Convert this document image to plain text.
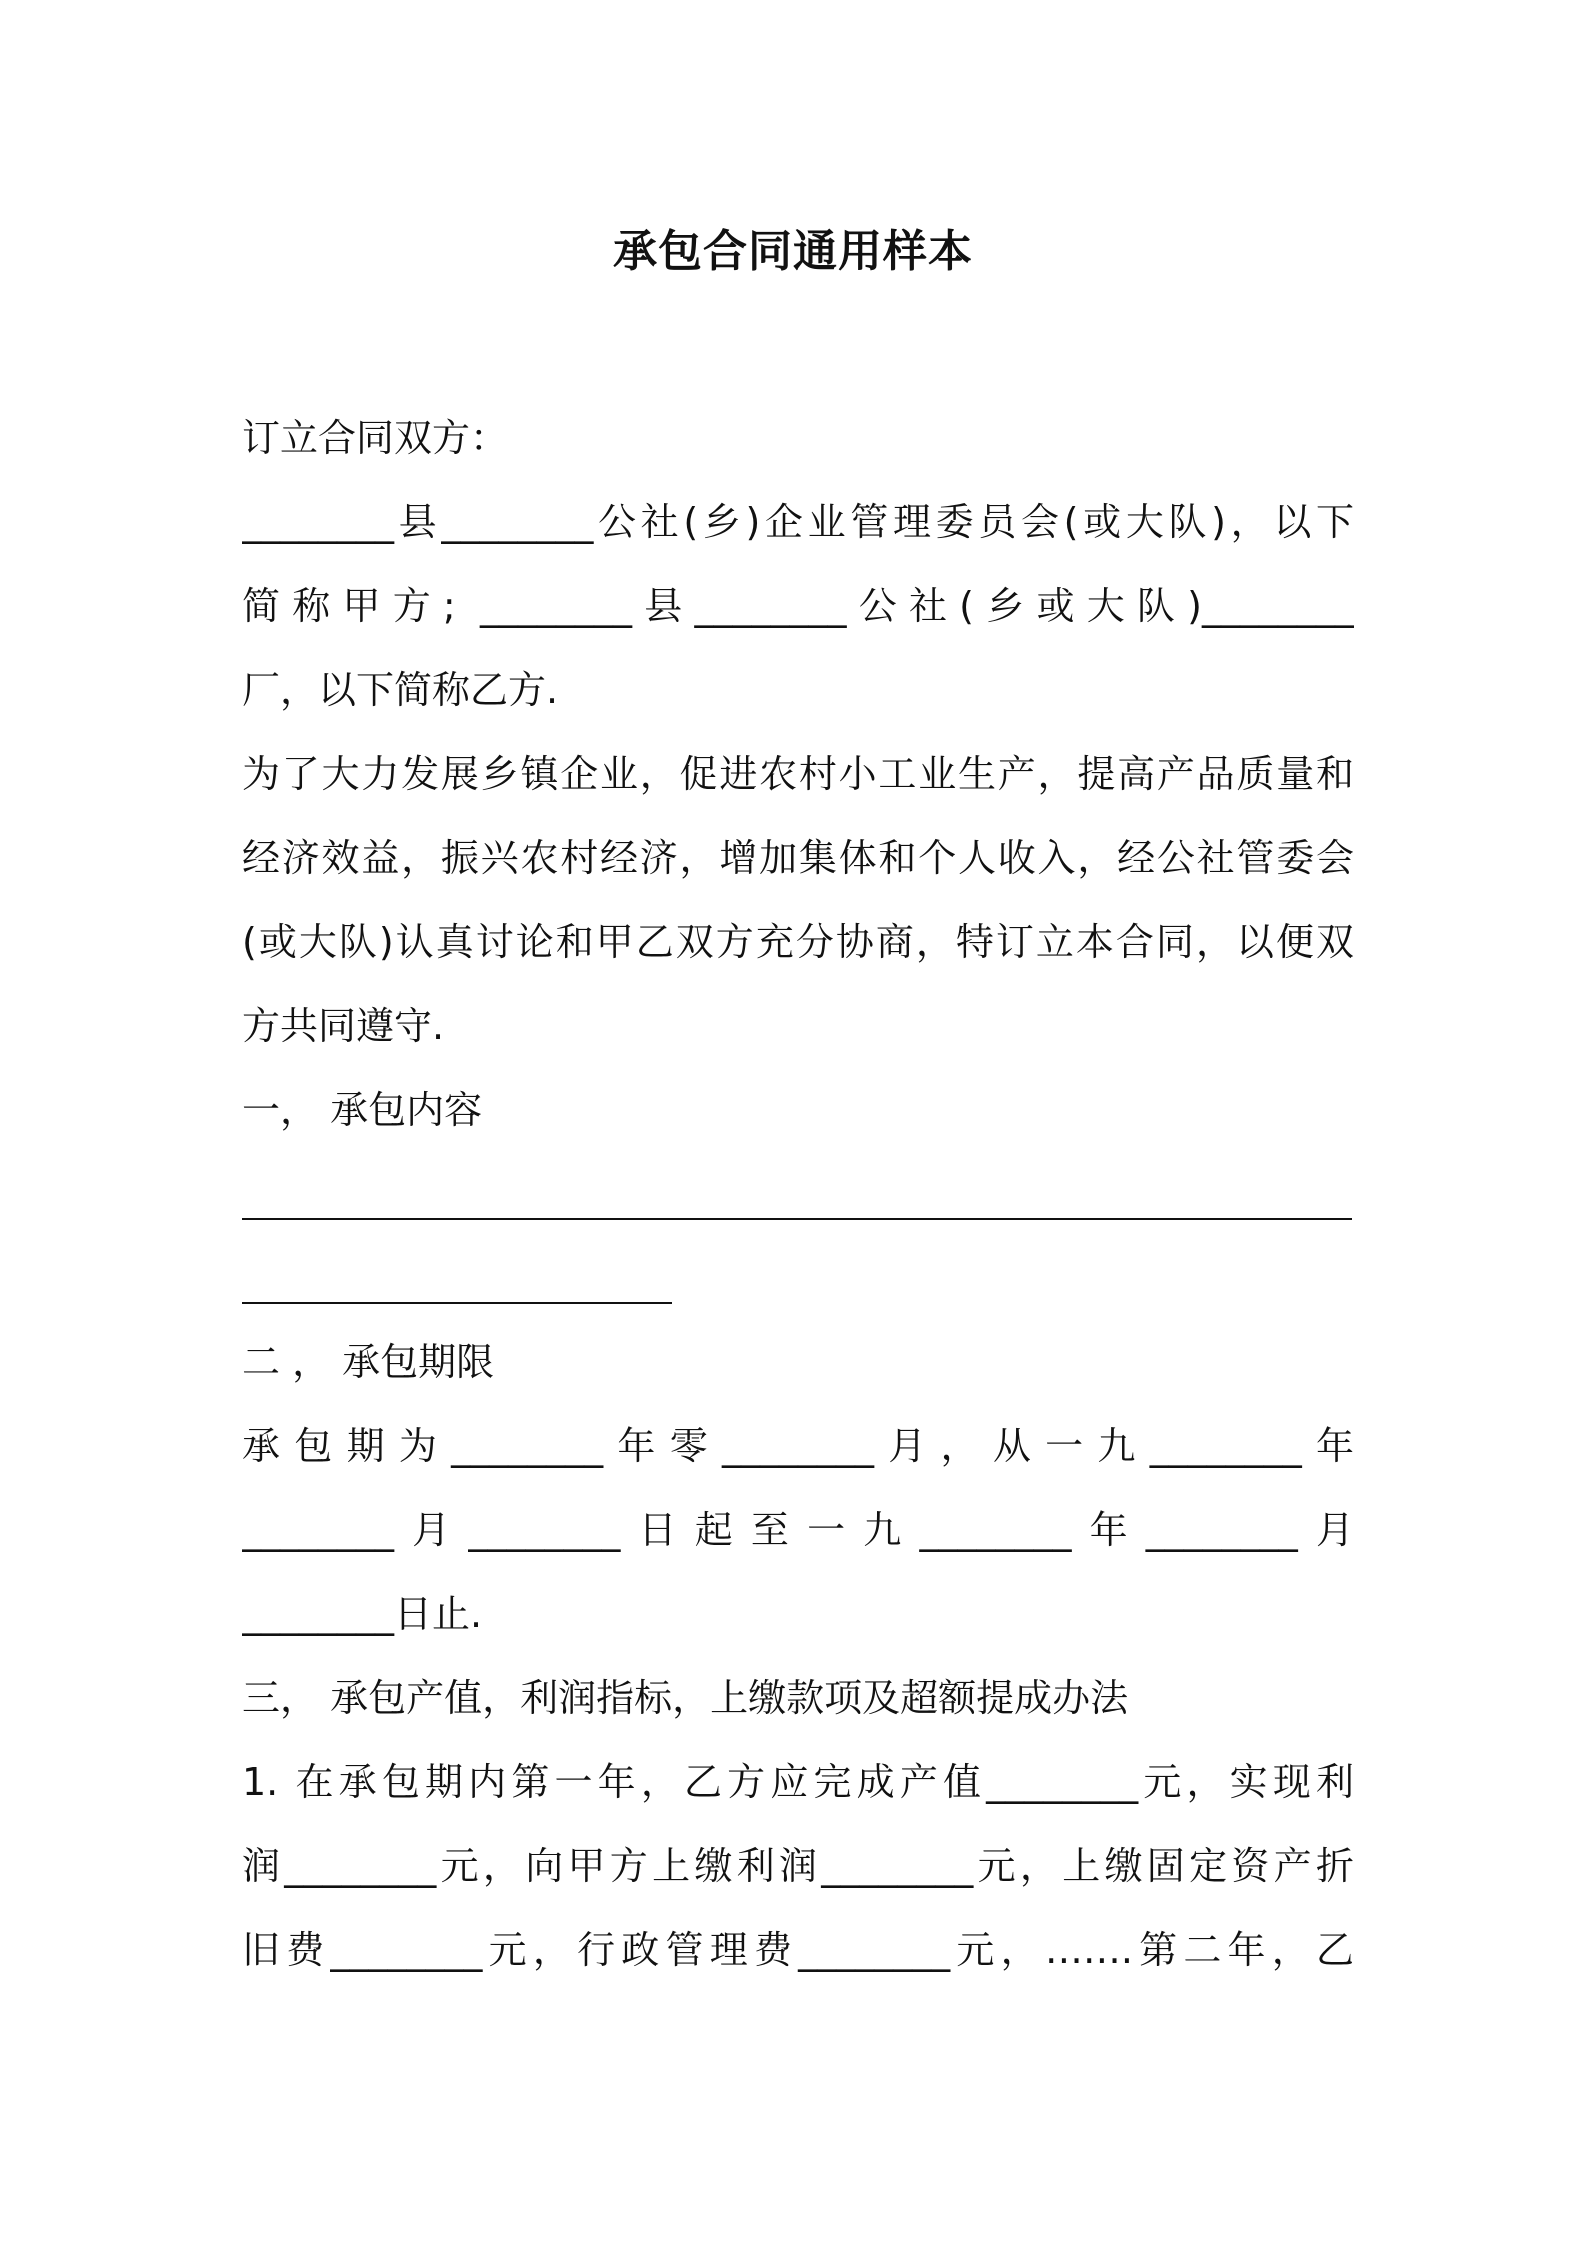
承包合同通用样本
订立合同双方：
________县________公社(乡)企业管理委员会(或大队)，以下
简称甲方; ________县________公社(乡或大队)________
厂，以下简称乙方.
为了大力发展乡镇企业，促进农村小工业生产，提高产品质量和
经济效益，振兴农村经济，增加集体和个人收入，经公社管委会
(或大队)认真讨论和甲乙双方充分协商，特订立本合同，以便双
方共同遵守.
一， 承包内容
二 ， 承包期限
承包期为________年零________月，从一九________年
________月________日起至一九________年________月
________日止.
三， 承包产值，利润指标，上缴款项及超额提成办法
1. 在承包期内第一年，乙方应完成产值________元，实现利
润________元，向甲方上缴利润________元，上缴固定资产折
旧费________元，行政管理费________元，…….第二年，乙
